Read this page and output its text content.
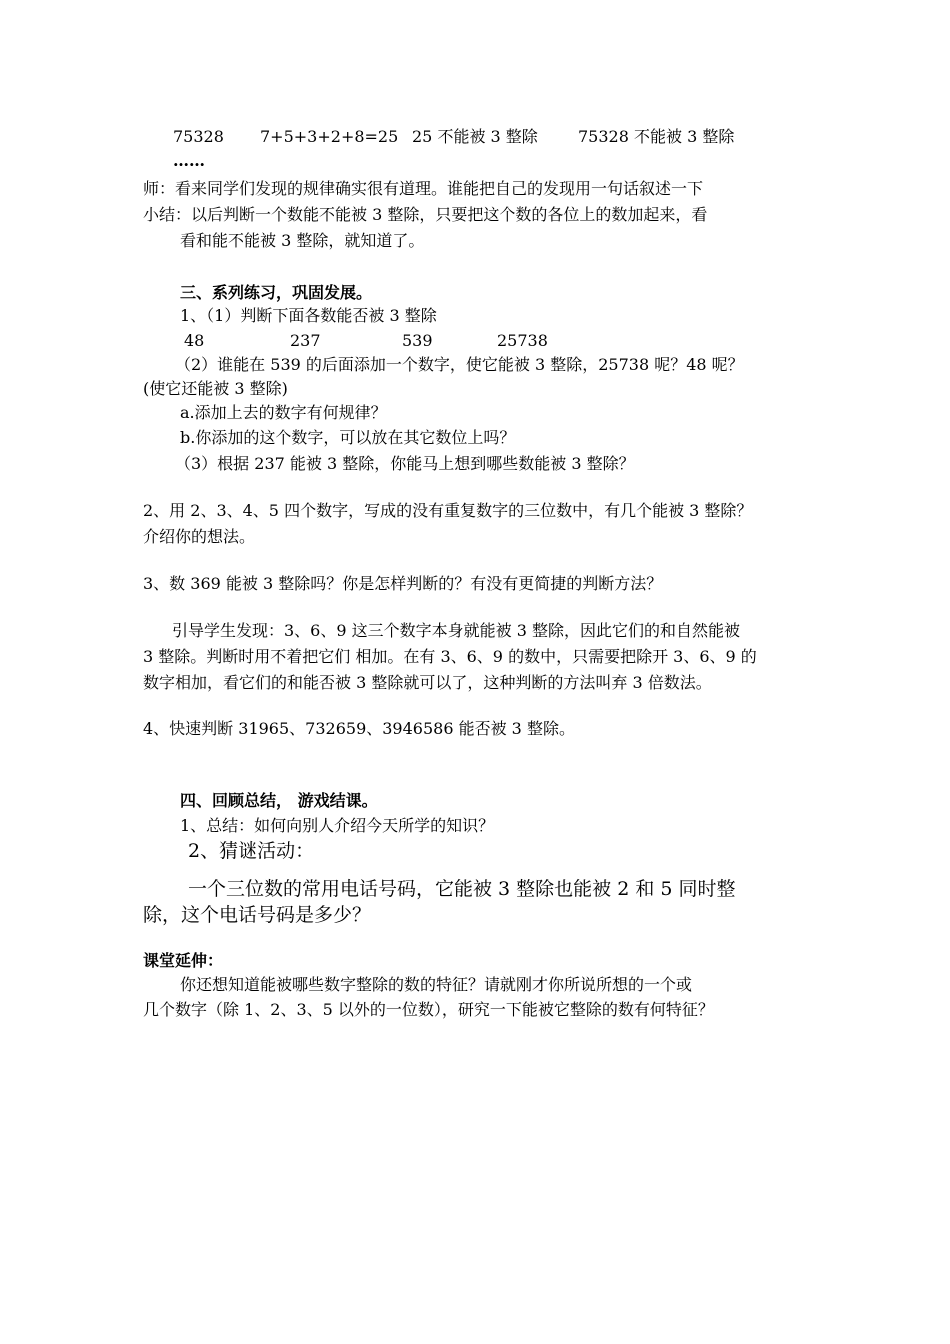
75328 7+5+3+2+8=25 25 不能被 3 整除	75328 不能被 3 整除
……
师：看来同学们发现的规律确实很有道理。谁能把自己的发现用一句话叙述一下
小结：以后判断一个数能不能被 3 整除，只要把这个数的各位上的数加起来，看
看和能不能被 3 整除，就知道了。
三、系列练习，巩固发展。
1、（1）判断下面各数能否被 3 整除
48	237	539	25738
（2）谁能在 539 的后面添加一个数字，使它能被 3 整除，25738 呢？48 呢？
(使它还能被 3 整除)
a.添加上去的数字有何规律？
b.你添加的这个数字，可以放在其它数位上吗？
（3）根据 237 能被 3 整除，你能马上想到哪些数能被 3 整除？
2、用 2、3、4、5 四个数字，写成的没有重复数字的三位数中，有几个能被 3 整除？
介绍你的想法。
3、数 369 能被 3 整除吗？你是怎样判断的？有没有更简捷的判断方法？
引导学生发现：3、6、9 这三个数字本身就能被 3 整除，因此它们的和自然能被
3 整除。判断时用不着把它们 相加。在有 3、6、9 的数中，只需要把除开 3、6、9 的
数字相加，看它们的和能否被 3 整除就可以了，这种判断的方法叫弃 3 倍数法。
4、快速判断 31965、732659、3946586 能否被 3 整除。
四、回顾总结， 游戏结课。
1、总结：如何向别人介绍今天所学的知识？
2、猜谜活动：
一个三位数的常用电话号码，它能被 3 整除也能被 2 和 5 同时整
除，这个电话号码是多少？
课堂延伸：
你还想知道能被哪些数字整除的数的特征？请就刚才你所说所想的一个或
几个数字（除 1、2、3、5 以外的一位数），研究一下能被它整除的数有何特征？
